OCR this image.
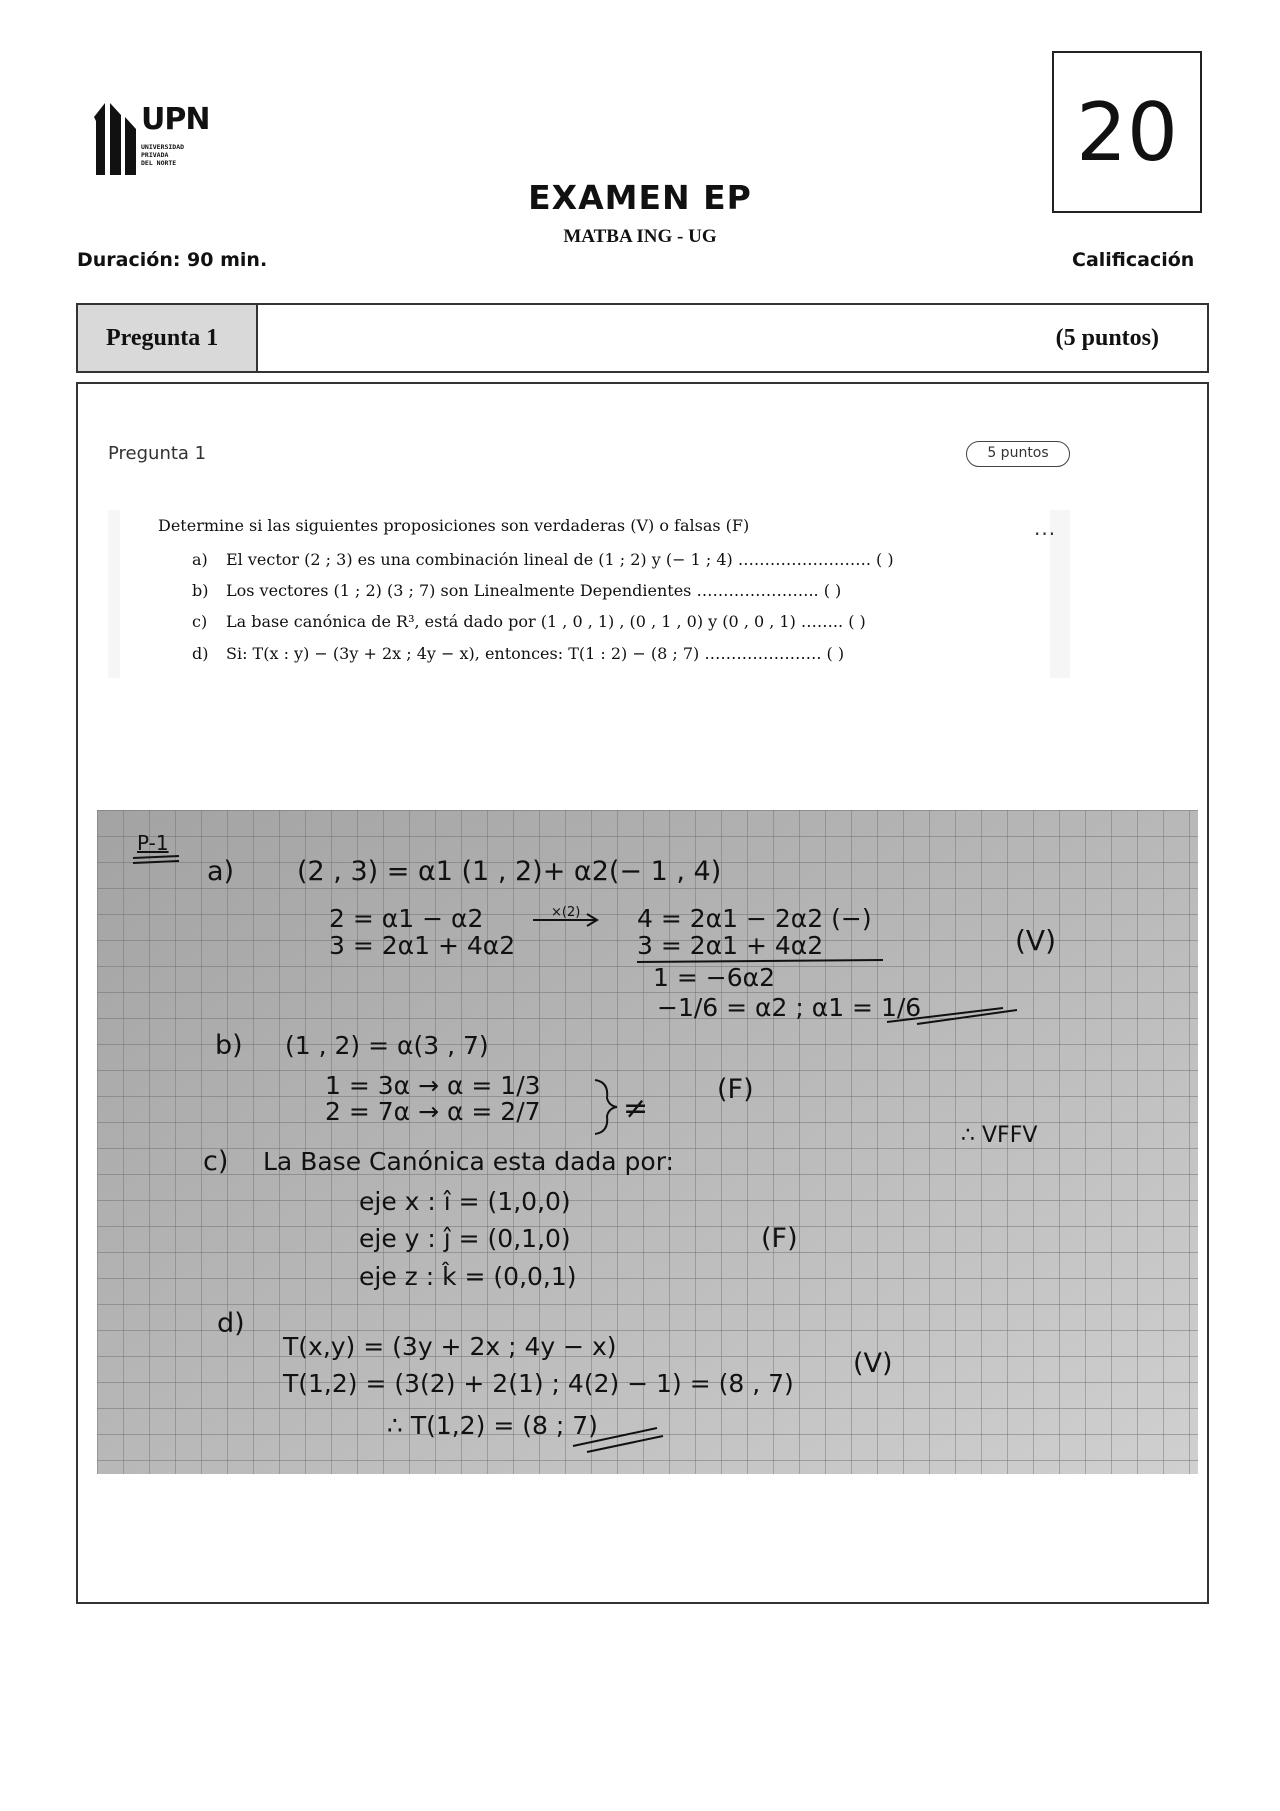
UPN
UNIVERSIDAD
PRIVADA
DEL NORTE	20
EXAMEN EP
MATBA ING - UG
Duración: 90 min.	Calificación
Pregunta 1	(5 puntos)
Pregunta 1	5 puntos
Determine si las siguientes proposiciones son verdaderas (V) o falsas (F)
a) El vector (2 ; 3) es una combinación lineal de (1 ; 2) y (− 1 ; 4) ……………………. ( )
b) Los vectores (1 ; 2) (3 ; 7) son Linealmente Dependientes ………………….. ( )
c) La base canónica de R³, está dado por (1 , 0 , 1) , (0 , 1 , 0) y (0 , 0 , 1) …….. ( )
d) Si: T(x : y) − (3y + 2x ; 4y − x), entonces: T(1 : 2) − (8 ; 7) …………………. ( )
...
P-1
a) (2 , 3) = α1 (1 , 2)+ α2(− 1 , 4)
2 = α1 − α2
3 = 2α1 + 4α2
×(2) 4 = 2α1 − 2α2 (−)
3 = 2α1 + 4α2
1 = −6α2
−1/6 = α2 ; α1 = 1/6
(V)
b) (1 , 2) = α(3 , 7)
1 = 3α → α = 1/3
2 = 7α → α = 2/7	≠
(F)
∴ VFFV
c) La Base Canónica esta dada por:
eje x : î = (1,0,0)
eje y : ĵ = (0,1,0)
eje z : k̂ = (0,0,1)
(F)
d)
T(x,y) = (3y + 2x ; 4y − x)
T(1,2) = (3(2) + 2(1) ; 4(2) − 1) = (8 , 7)
∴ T(1,2) = (8 ; 7)
(V)
